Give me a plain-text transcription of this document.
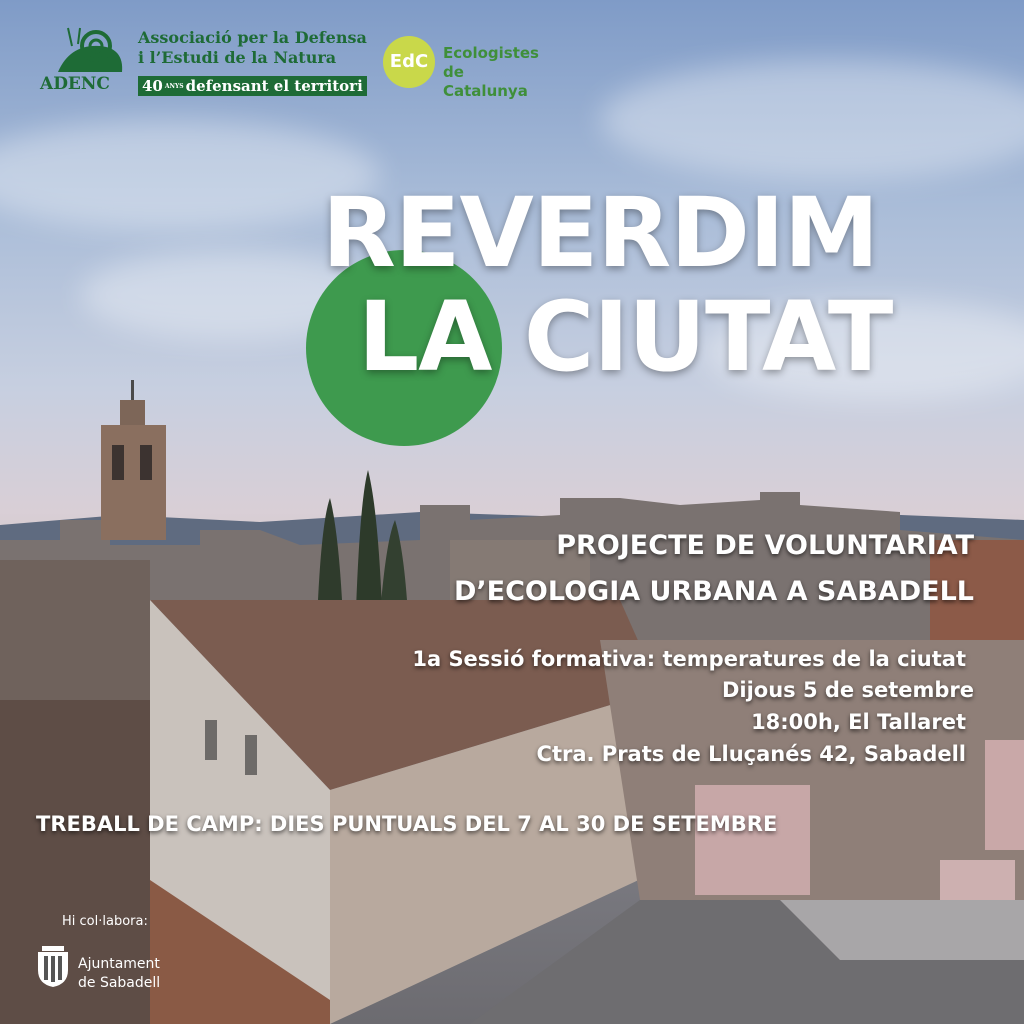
ADENC
Associació per la Defensa
i l’Estudi de la Natura
40 ANYS defensant el territori
EdC Ecologistes
de Catalunya
REVERDIM
LA CIUTAT
PROJECTE DE VOLUNTARIAT
D’ECOLOGIA URBANA A SABADELL
1a Sessió formativa: temperatures de la ciutat
Dijous 5 de setembre
18:00h, El Tallaret
Ctra. Prats de Lluçanés 42, Sabadell
TREBALL DE CAMP: DIES PUNTUALS DEL 7 AL 30 DE SETEMBRE
Hi col·labora:
Ajuntament
de Sabadell
